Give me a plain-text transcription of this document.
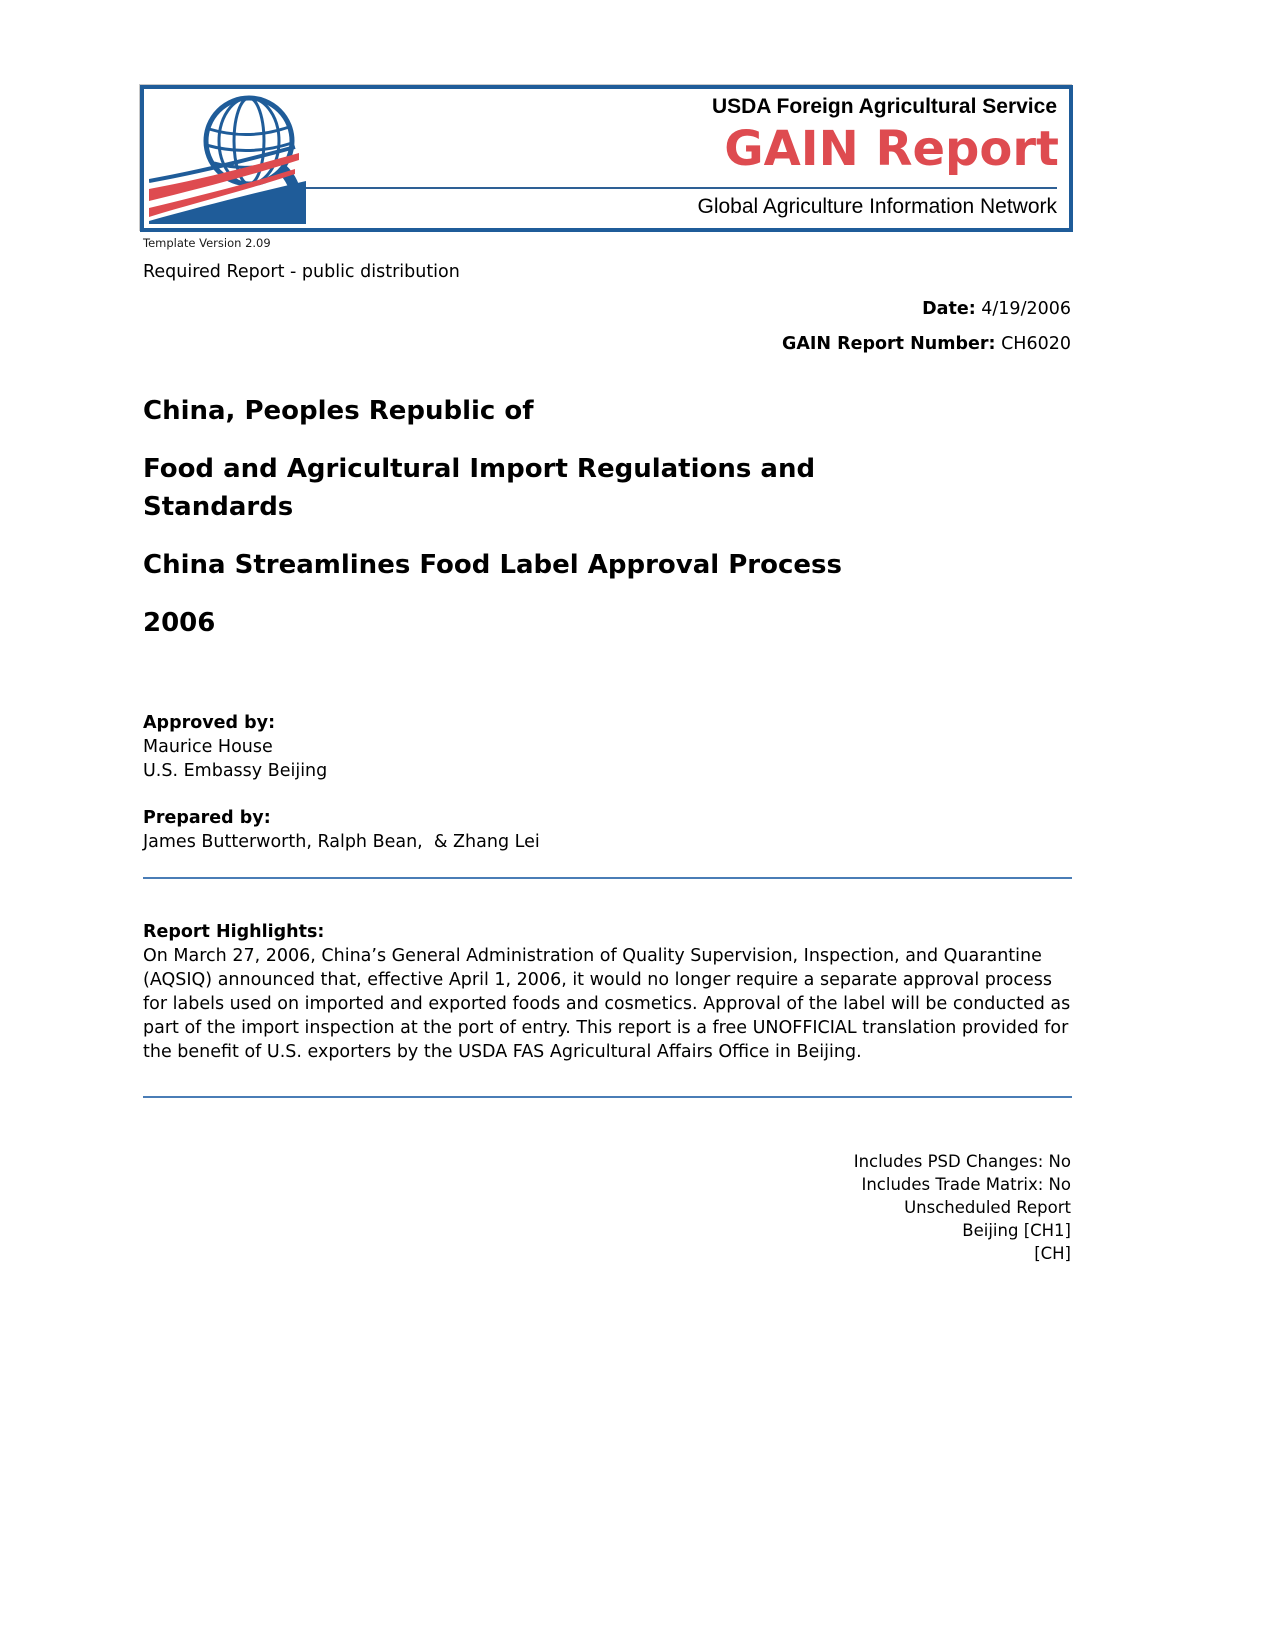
USDA Foreign Agricultural Service
GAIN Report
Global Agriculture Information Network
Template Version 2.09
Required Report - public distribution
Date: 4/19/2006
GAIN Report Number: CH6020
China, Peoples Republic of
Food and Agricultural Import Regulations and Standards
China Streamlines Food Label Approval Process
2006
Approved by:
Maurice House
U.S. Embassy Beijing
Prepared by:
James Butterworth, Ralph Bean,  & Zhang Lei
Report Highlights:
On March 27, 2006, China’s General Administration of Quality Supervision, Inspection, and Quarantine (AQSIQ) announced that, effective April 1, 2006, it would no longer require a separate approval process for labels used on imported and exported foods and cosmetics. Approval of the label will be conducted as part of the import inspection at the port of entry. This report is a free UNOFFICIAL translation provided for the benefit of U.S. exporters by the USDA FAS Agricultural Affairs Office in Beijing.
Includes PSD Changes: No
Includes Trade Matrix: No
Unscheduled Report
Beijing [CH1]
[CH]
